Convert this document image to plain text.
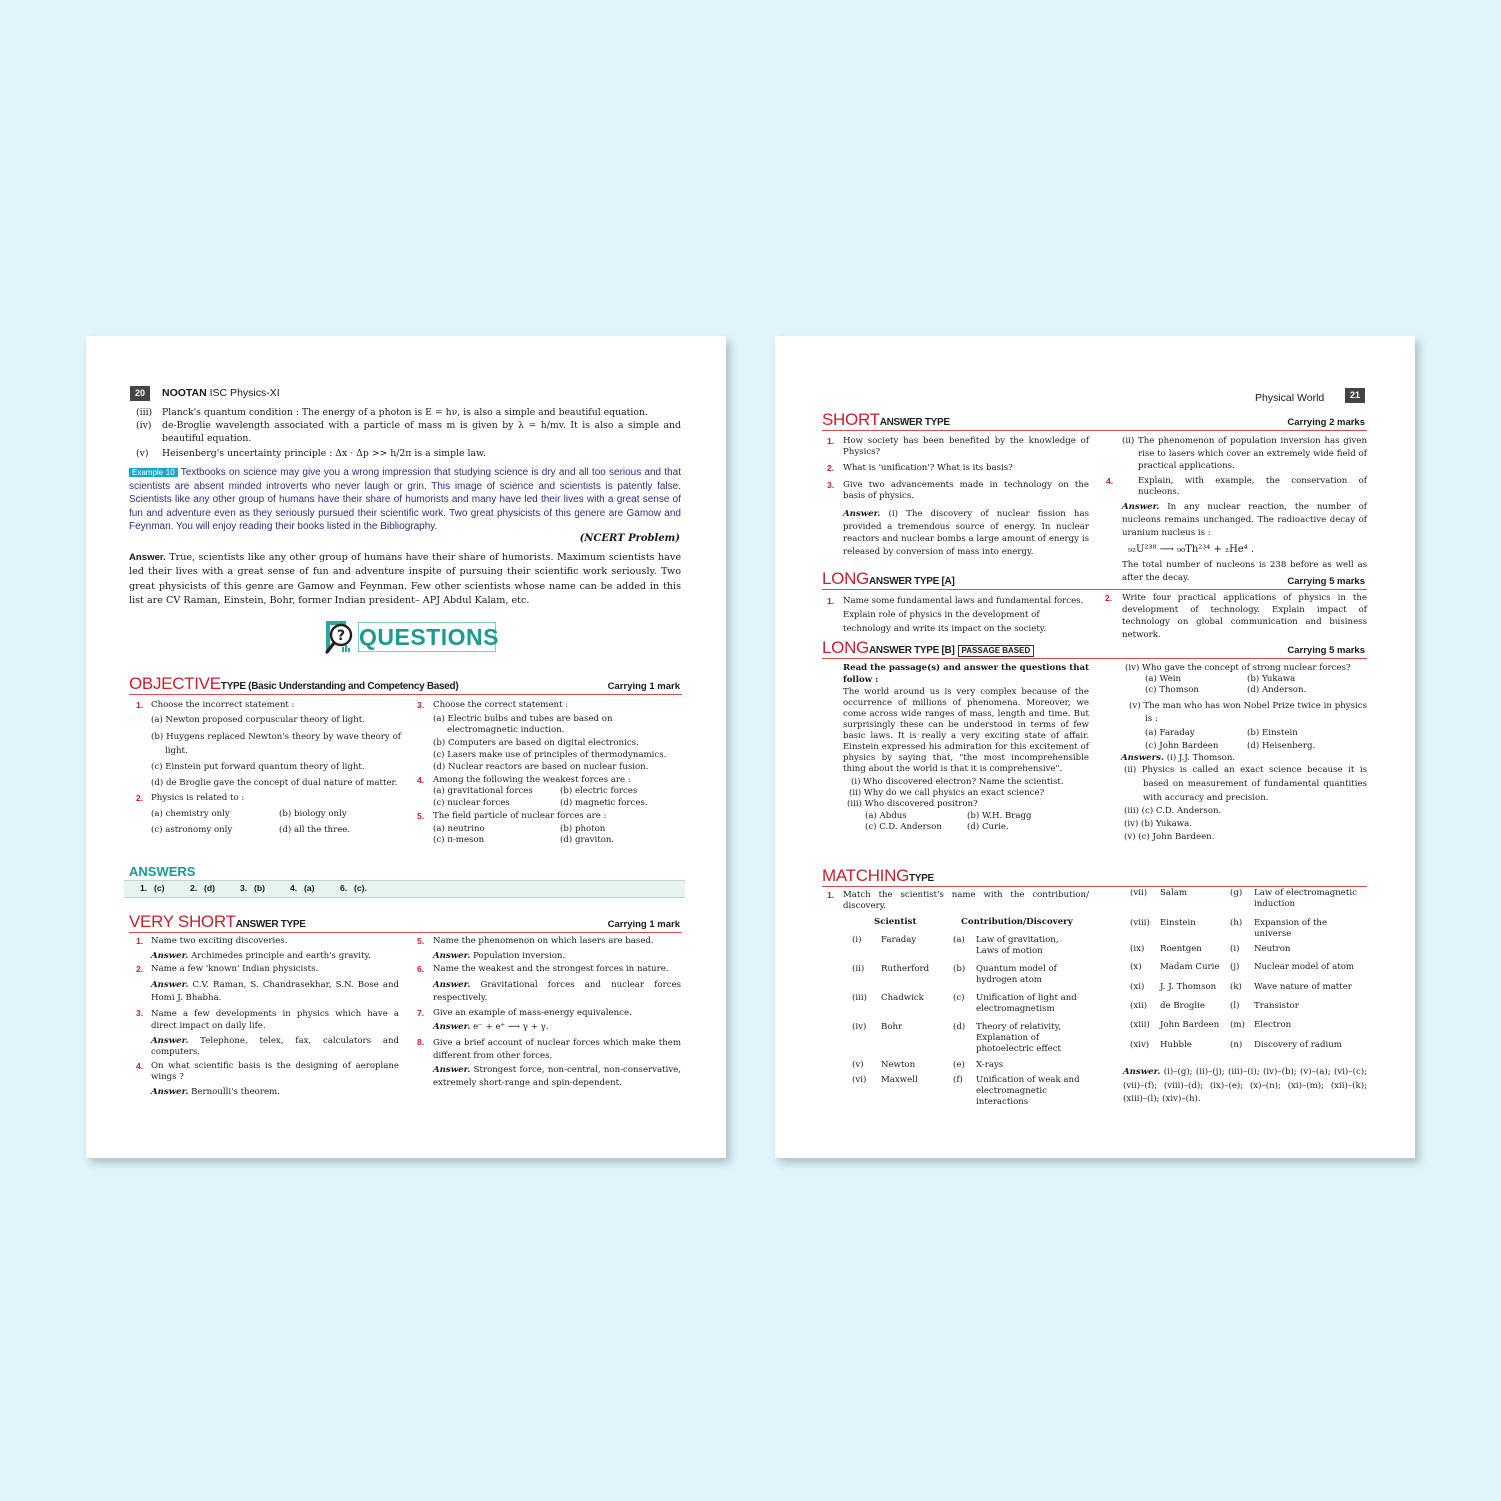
20	NOOTAN ISC Physics-XI
(iii) Planck's quantum condition : The energy of a photon is E = hν, is also a simple and beautiful equation.
(iv) de-Broglie wavelength associated with a particle of mass m is given by λ = h/mv. It is also a simple and beautiful equation.
(v) Heisenberg's uncertainty principle : Δx · Δp >> h/2π is a simple law.
Example 10 Textbooks on science may give you a wrong impression that studying science is dry and all too serious and that scientists are absent minded introverts who never laugh or grin. This image of science and scientists is patently false. Scientists like any other group of humans have their share of humorists and many have led their lives with a great sense of fun and adventure even as they seriously pursued their scientific work. Two great physicists of this genere are Gamow and Feynman. You will enjoy reading their books listed in the Bibliography.
(NCERT Problem)
Answer. True, scientists like any other group of humans have their share of humorists. Maximum scientists have led their lives with a great sense of fun and adventure inspite of pursuing their scientific work seriously. Two great physicists of this genre are Gamow and Feynman. Few other scientists whose name can be added in this list are CV Raman, Einstein, Bohr, former Indian president– APJ Abdul Kalam, etc.
? QUESTIONS
OBJECTIVETYPE (Basic Understanding and Competency Based)	Carrying 1 mark
1. Choose the incorrect statement :
(a) Newton proposed corpuscular theory of light.
(b) Huygens replaced Newton's theory by wave theory of light.
(c) Einstein put forward quantum theory of light.
(d) de Broglie gave the concept of dual nature of matter.
2. Physics is related to :
(a) chemistry only	(b) biology only
(c) astronomy only	(d) all the three.
3. Choose the correct statement :
(a) Electric bulbs and tubes are based on electromagnetic induction.
(b) Computers are based on digital electronics.
(c) Lasers make use of principles of thermodynamics.
(d) Nuclear reactors are based on nuclear fusion.
4. Among the following the weakest forces are :
(a) gravitational forces	(b) electric forces
(c) nuclear forces	(d) magnetic forces.
5. The field particle of nuclear forces are :
(a) neutrino	(b) photon
(c) π-meson	(d) graviton.
ANSWERS
1. (c)	2. (d)	3. (b)	4. (a)	6. (c).
VERY SHORTANSWER TYPE	Carrying 1 mark
1. Name two exciting discoveries.
Answer. Archimedes principle and earth's gravity.
2. Name a few 'known' Indian physicists.
Answer. C.V. Raman, S. Chandrasekhar, S.N. Bose and Homi J. Bhabha.
3. Name a few developments in physics which have a direct impact on daily life.
Answer. Telephone, telex, fax, calculators and computers.
4. On what scientific basis is the designing of aeroplane wings ?
Answer. Bernoulli's theorem.
5. Name the phenomenon on which lasers are based.
Answer. Population inversion.
6. Name the weakest and the strongest forces in nature.
Answer. Gravitational forces and nuclear forces respectively.
7. Give an example of mass-energy equivalence.
Answer. e⁻ + e⁺ ⟶ γ + γ.
8. Give a brief account of nuclear forces which make them different from other forces.
Answer. Strongest force, non-central, non-conservative, extremely short-range and spin-dependent.
Physical World	21
SHORTANSWER TYPE	Carrying 2 marks
1. How society has been benefited by the knowledge of Physics?
2. What is 'unification'? What is its basis?
3. Give two advancements made in technology on the basis of physics.
Answer. (i) The discovery of nuclear fission has provided a tremendous source of energy. In nuclear reactors and nuclear bombs a large amount of energy is released by conversion of mass into energy.
(ii) The phenomenon of population inversion has given rise to lasers which cover an extremely wide field of practical applications.
4.	Explain, with example, the conservation of nucleons.
Answer. In any nuclear reaction, the number of nucleons remains unchanged. The radioactive decay of uranium nucleus is :
₉₂U²³⁸ ⟶ ₉₀Th²³⁴ + ₂He⁴ .
The total number of nucleons is 238 before as well as after the decay.
LONGANSWER TYPE [A]	Carrying 5 marks
1. Name some fundamental laws and fundamental forces. Explain role of physics in the development of technology and write its impact on the society.
2. Write four practical applications of physics in the development of technology. Explain impact of technology on global communication and business network.
LONGANSWER TYPE [B] PASSAGE BASED	Carrying 5 marks
Read the passage(s) and answer the questions that follow :
The world around us is very complex because of the occurrence of millions of phenomena. Moreover, we come across wide ranges of mass, length and time. But surprisingly these can be understood in terms of few basic laws. It is really a very exciting state of affair. Einstein expressed his admiration for this excitement of physics by saying that, "the most incomprehensible thing about the world is that it is comprehensive".
(i) Who discovered electron? Name the scientist.
(ii) Why do we call physics an exact science?
(iii) Who discovered positron?
(a) Abdus	(b) W.H. Bragg
(c) C.D. Anderson	(d) Curie.
(iv) Who gave the concept of strong nuclear forces?
(a) Wein	(b) Yukawa
(c) Thomson	(d) Anderson.
(v) The man who has won Nobel Prize twice in physics is :
(a) Faraday	(b) Einstein
(c) John Bardeen	(d) Heisenberg.
Answers. (i) J.J. Thomson.
(ii) Physics is called an exact science because it is based on measurement of fundamental quantities with accuracy and precision.
(iii) (c) C.D. Anderson.
(iv) (b) Yukawa.
(v) (c) John Bardeen.
MATCHINGTYPE
1. Match the scientist's name with the contribution/ discovery.
Scientist	Contribution/Discovery
(i) Faraday	(a) Law of gravitation, Laws of motion
(ii) Rutherford	(b) Quantum model of hydrogen atom
(iii) Chadwick	(c) Unification of light and electromagnetism
(iv) Bohr	(d) Theory of relativity, Explanation of photoelectric effect
(v) Newton	(e) X-rays
(vi) Maxwell	(f) Unification of weak and electromagnetic interactions
(vii) Salam	(g) Law of electromagnetic induction
(viii) Einstein	(h) Expansion of the universe
(ix) Roentgen	(i) Neutron
(x) Madam Curie (j) Nuclear model of atom
(xi) J. J. Thomson (k) Wave nature of matter
(xii) de Broglie	(l) Transistor
(xiii) John Bardeen (m) Electron
(xiv) Hubble	(n) Discovery of radium
Answer. (i)–(g); (ii)–(j); (iii)–(i); (iv)–(b); (v)–(a); (vi)–(c); (vii)–(f); (viii)–(d); (ix)–(e); (x)–(n); (xi)–(m); (xii)–(k); (xiii)–(l); (xiv)–(h).
